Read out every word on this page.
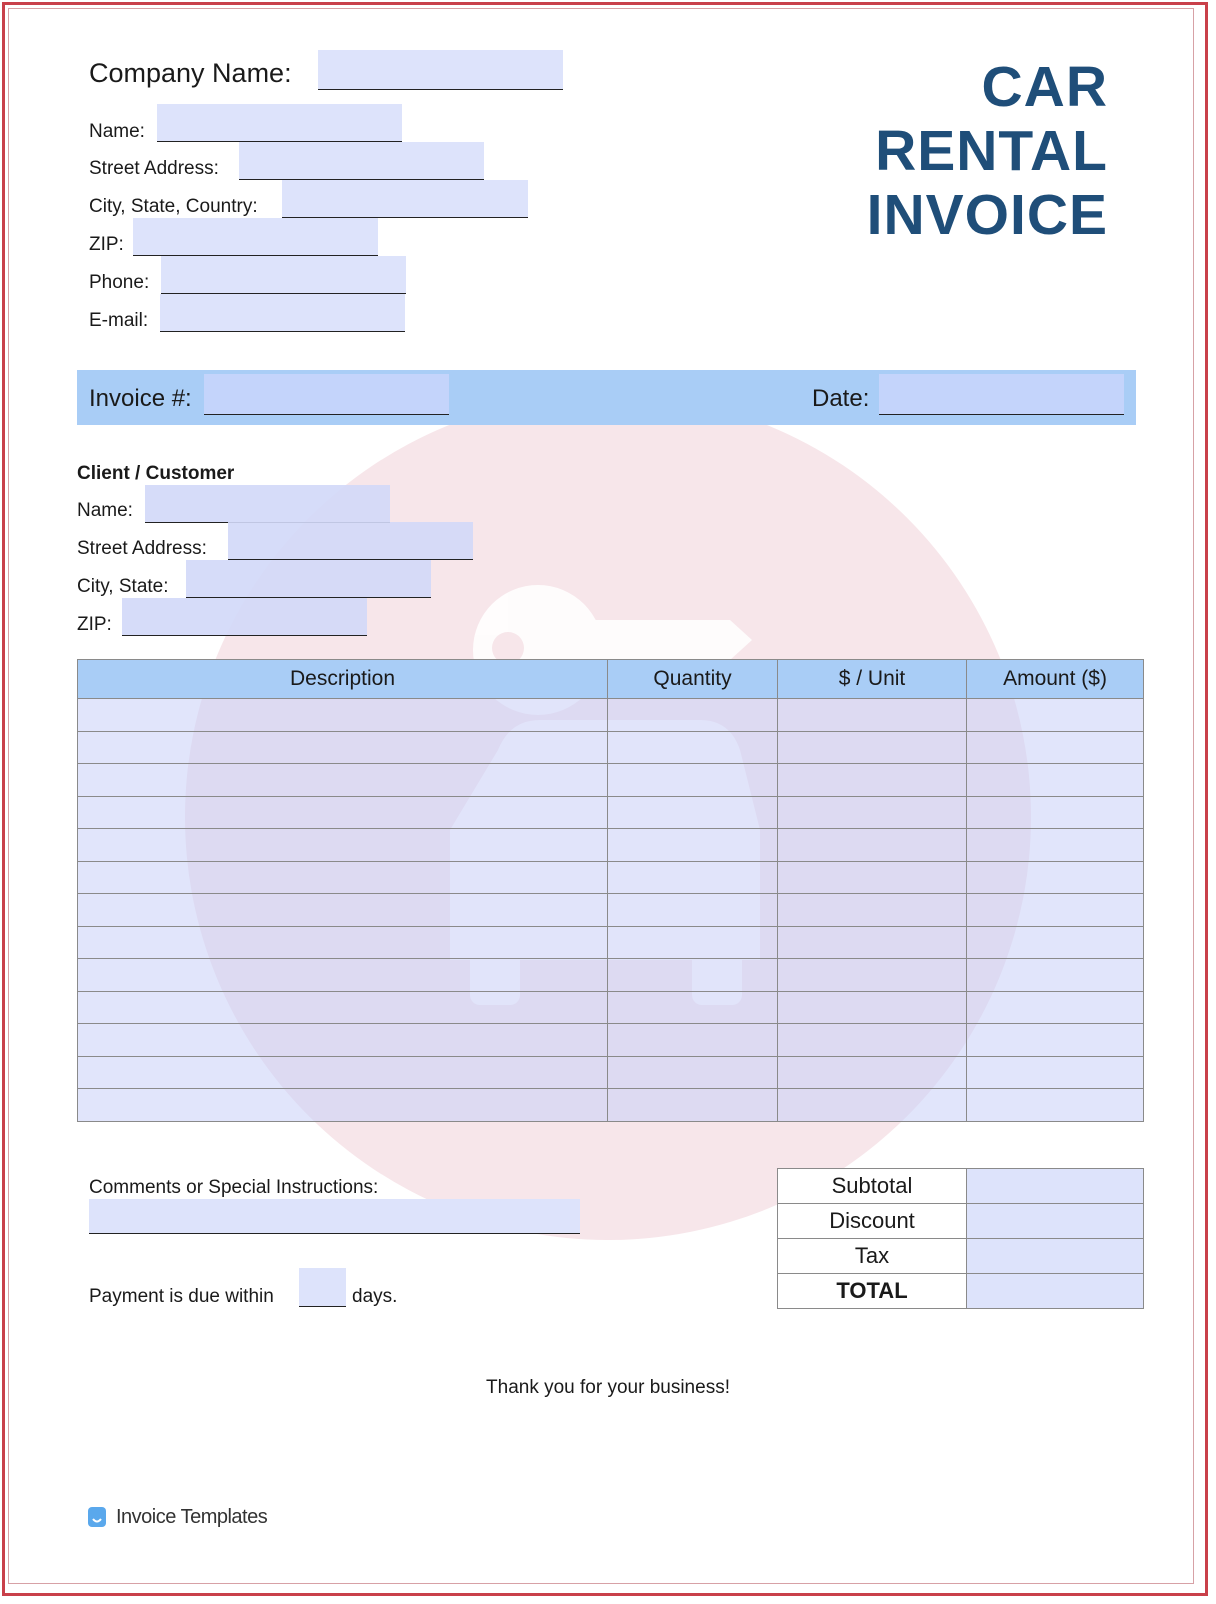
Company Name:
Name:
Street Address:
City, State, Country:
ZIP:
Phone:
E-mail:
CAR
RENTAL
INVOICE
Invoice #:	Date:
Client / Customer
Name:
Street Address:
City, State:
ZIP:
Description	Quantity	$ / Unit	Amount ($)

Comments or Special Instructions:
Payment is due within	days.
Subtotal	
Discount	
Tax	
TOTAL	
Thank you for your business!
Invoice Templates
